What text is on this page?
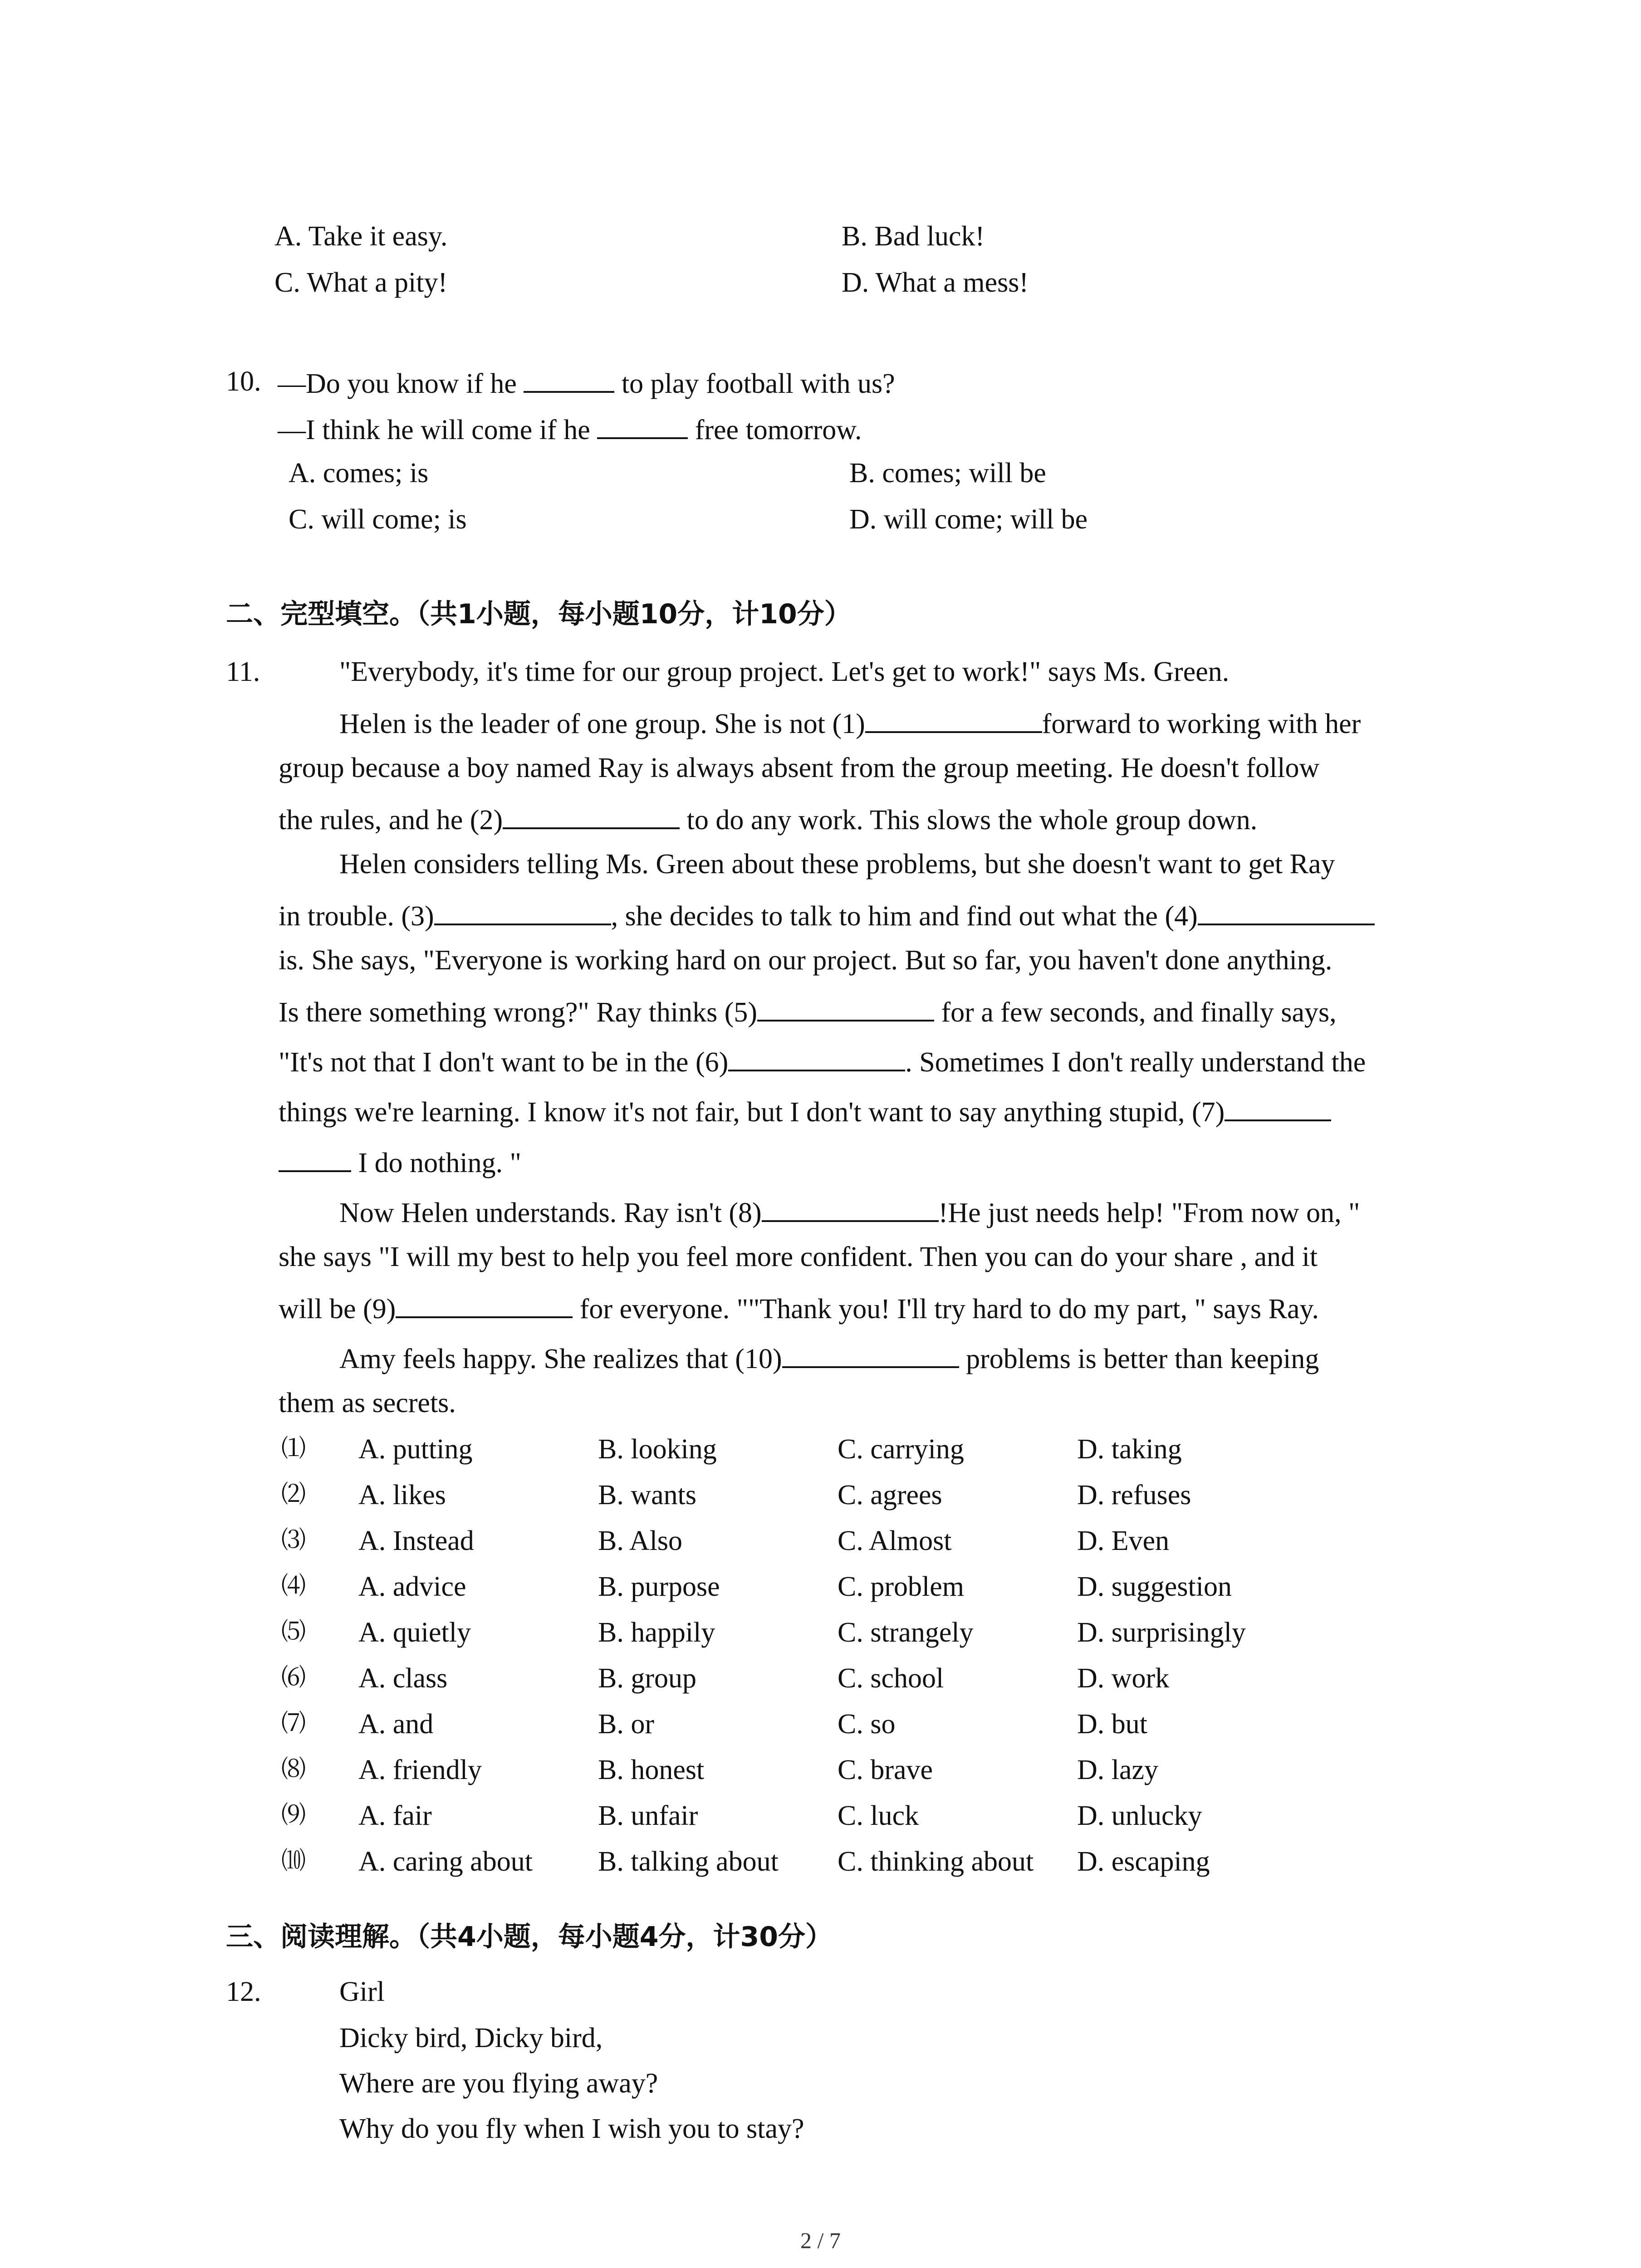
A. Take it easy.	B. Bad luck!
C. What a pity!	D. What a mess!
10. —Do you know if he	to play football with us?
—I think he will come if he	free tomorrow.
A. comes; is	B. comes; will be
C. will come; is	D. will come; will be
二、完型填空。（共1小题，每小题10分，计10分）
11.	"Everybody, it's time for our group project. Let's get to work!" says Ms. Green.
Helen is the leader of one group. She is not (1)	forward to working with her
group because a boy named Ray is always absent from the group meeting. He doesn't follow
the rules, and he (2)	to do any work. This slows the whole group down.
Helen considers telling Ms. Green about these problems, but she doesn't want to get Ray
in trouble. (3)	, she decides to talk to him and find out what the (4)
is. She says, "Everyone is working hard on our project. But so far, you haven't done anything.
Is there something wrong?" Ray thinks (5)	for a few seconds, and finally says,
"It's not that I don't want to be in the (6)	. Sometimes I don't really understand the
things we're learning. I know it's not fair, but I don't want to say anything stupid, (7)
I do nothing. "
Now Helen understands. Ray isn't (8)	!He just needs help! "From now on, "
she says "I will my best to help you feel more confident. Then you can do your share , and it
will be (9)	for everyone. ""Thank you! I'll try hard to do my part, " says Ray.
Amy feels happy. She realizes that (10)	problems is better than keeping
them as secrets.
⑴ A. putting	B. looking	C. carrying	D. taking
⑵ A. likes	B. wants	C. agrees	D. refuses
⑶ A. Instead	B. Also	C. Almost	D. Even
⑷ A. advice	B. purpose	C. problem	D. suggestion
⑸ A. quietly	B. happily	C. strangely	D. surprisingly
⑹ A. class	B. group	C. school	D. work
⑺ A. and	B. or	C. so	D. but
⑻ A. friendly	B. honest	C. brave	D. lazy
⑼ A. fair	B. unfair	C. luck	D. unlucky
⑽ A. caring about B. talking about C. thinking about D. escaping
三、阅读理解。（共4小题，每小题4分，计30分）
12.	Girl
Dicky bird, Dicky bird,
Where are you flying away?
Why do you fly when I wish you to stay?
2 / 7
